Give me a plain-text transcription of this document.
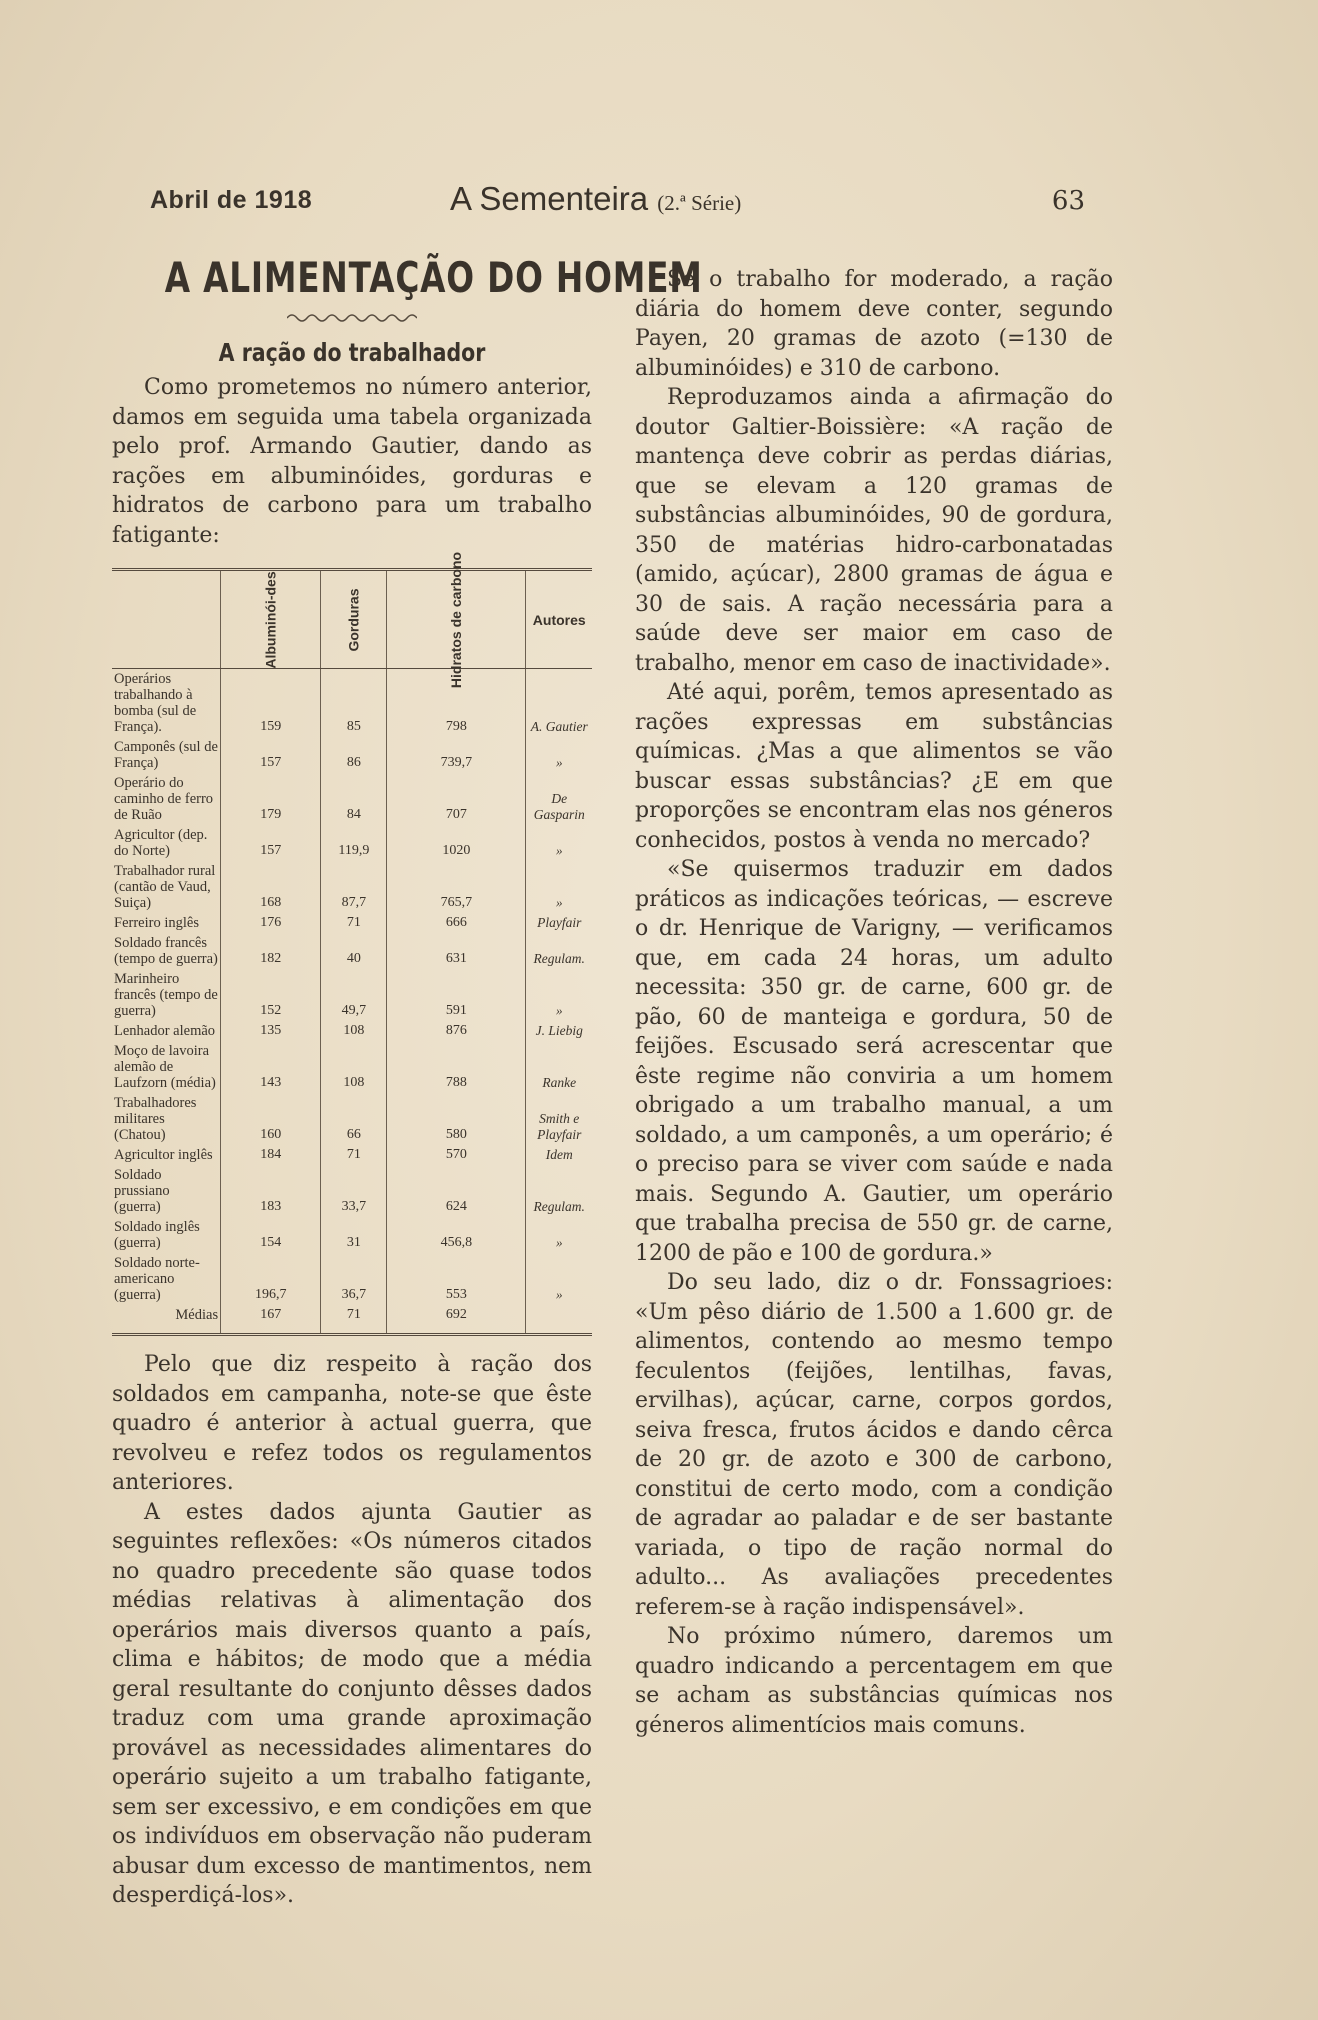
Abril de 1918	A Sementeira (2.ª Série)	63
A ALIMENTAÇÃO DO HOMEM
A ração do trabalhador

Como prometemos no número anterior, damos em seguida uma tabela organizada pelo prof. Armando Gautier, dando as rações em albuminóides, gorduras e hidratos de carbono para um trabalho fatigante:

	Albuminói-des	Gorduras	Hidratos de carbono	Autores
Operários trabalhando à bomba (sul de França).	159	85	798	A. Gautier
Camponês (sul de França)	157	86	739,7	»
Operário do caminho de ferro de Ruão	179	84	707	De Gasparin
Agricultor (dep. do Norte)	157	119,9	1020	»
Trabalhador rural (cantão de Vaud, Suiça)	168	87,7	765,7	»
Ferreiro inglês	176	71	666	Playfair
Soldado francês (tempo de guerra)	182	40	631	Regulam.
Marinheiro francês (tempo de guerra)	152	49,7	591	»
Lenhador alemão	135	108	876	J. Liebig
Moço de lavoira alemão de Laufzorn (média)	143	108	788	Ranke
Trabalhadores militares (Chatou)	160	66	580	Smith e Playfair
Agricultor inglês	184	71	570	Idem
Soldado prussiano (guerra)	183	33,7	624	Regulam.
Soldado inglês (guerra)	154	31	456,8	»
Soldado norte-americano (guerra)	196,7	36,7	553	»
Médias	167	71	692	

Pelo que diz respeito à ração dos soldados em campanha, note-se que êste quadro é anterior à actual guerra, que revolveu e refez todos os regulamentos anteriores.

A estes dados ajunta Gautier as seguintes reflexões: «Os números citados no quadro precedente são quase todos médias relativas à alimentação dos operários mais diversos quanto a país, clima e hábitos; de modo que a média geral resultante do conjunto dêsses dados traduz com uma grande aproximação provável as necessidades alimentares do operário sujeito a um trabalho fatigante, sem ser excessivo, e em condições em que os indivíduos em observação não puderam abusar dum excesso de mantimentos, nem desperdiçá-los».

Se o trabalho for moderado, a ração diária do homem deve conter, segundo Payen, 20 gramas de azoto (=130 de albuminóides) e 310 de carbono.

Reproduzamos ainda a afirmação do doutor Galtier-Boissière: «A ração de mantença deve cobrir as perdas diárias, que se elevam a 120 gramas de substâncias albuminóides, 90 de gordura, 350 de matérias hidro-carbonatadas (amido, açúcar), 2800 gramas de água e 30 de sais. A ração necessária para a saúde deve ser maior em caso de trabalho, menor em caso de inactividade».

Até aqui, porêm, temos apresentado as rações expressas em substâncias químicas. ¿Mas a que alimentos se vão buscar essas substâncias? ¿E em que proporções se encontram elas nos géneros conhecidos, postos à venda no mercado?

«Se quisermos traduzir em dados práticos as indicações teóricas, — escreve o dr. Henrique de Varigny, — verificamos que, em cada 24 horas, um adulto necessita: 350 gr. de carne, 600 gr. de pão, 60 de manteiga e gordura, 50 de feijões. Escusado será acrescentar que êste regime não conviria a um homem obrigado a um trabalho manual, a um soldado, a um camponês, a um operário; é o preciso para se viver com saúde e nada mais. Segundo A. Gautier, um operário que trabalha precisa de 550 gr. de carne, 1200 de pão e 100 de gordura.»

Do seu lado, diz o dr. Fonssagrioes: «Um pêso diário de 1.500 a 1.600 gr. de alimentos, contendo ao mesmo tempo feculentos (feijões, lentilhas, favas, ervilhas), açúcar, carne, corpos gordos, seiva fresca, frutos ácidos e dando cêrca de 20 gr. de azoto e 300 de carbono, constitui de certo modo, com a condição de agradar ao paladar e de ser bastante variada, o tipo de ração normal do adulto... As avaliações precedentes referem-se à ração indispensável».

No próximo número, daremos um quadro indicando a percentagem em que se acham as substâncias químicas nos géneros alimentícios mais comuns.
